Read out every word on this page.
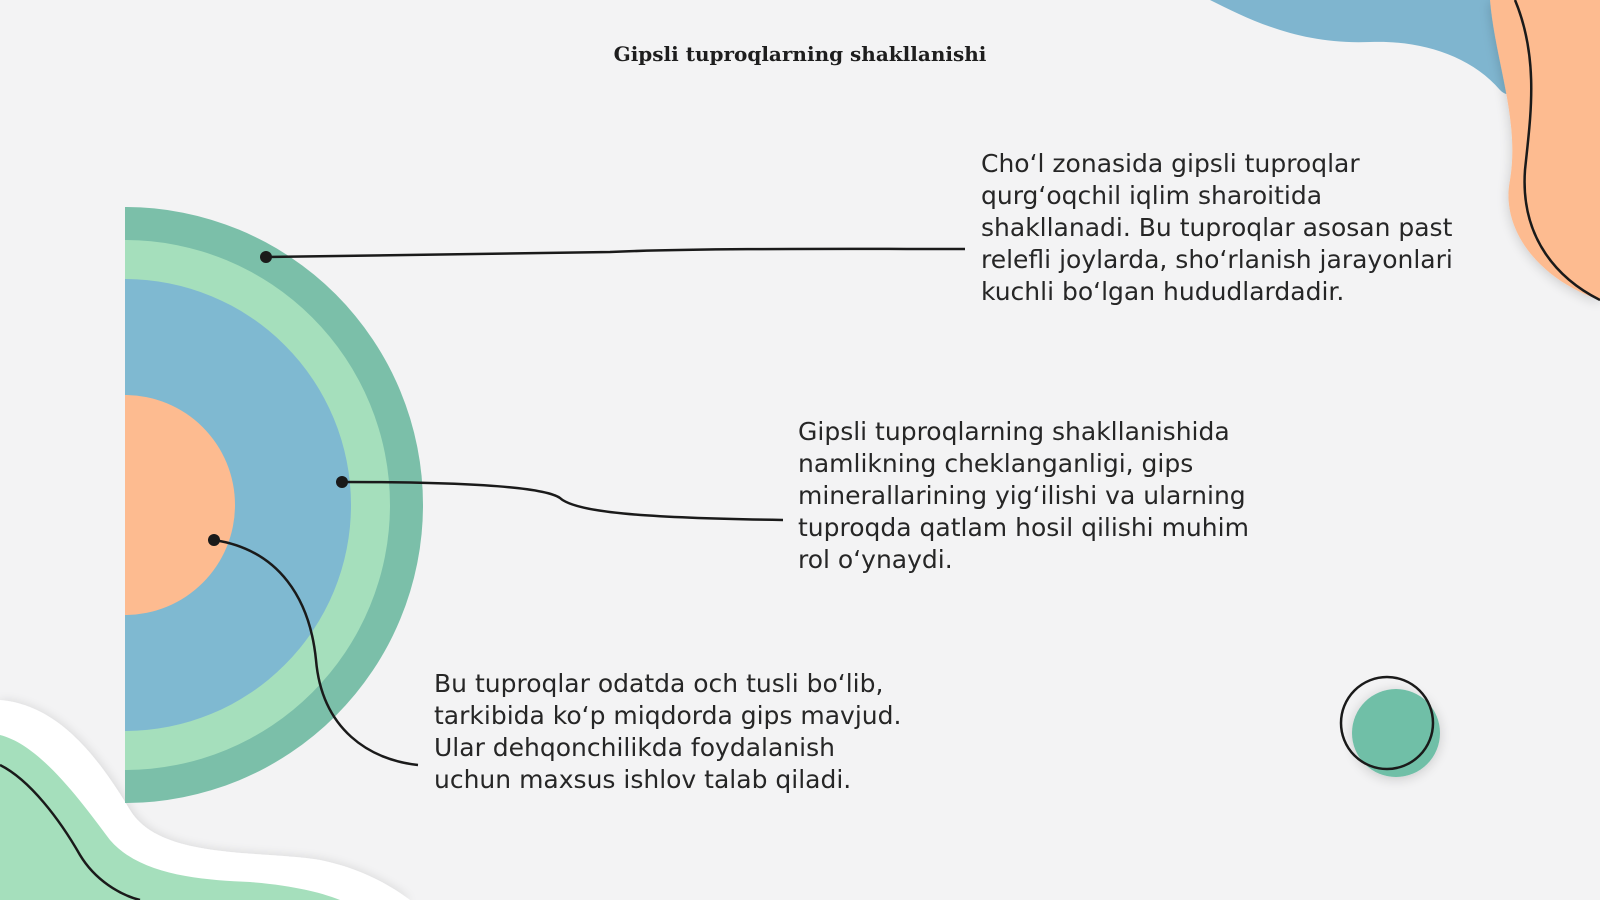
Gipsli tuproqlarning shakllanishi
Cho‘l zonasida gipsli tuproqlar
qurg‘oqchil iqlim sharoitida
shakllanadi. Bu tuproqlar asosan past
relefli joylarda, sho‘rlanish jarayonlari
kuchli bo‘lgan hududlardadir.
Gipsli tuproqlarning shakllanishida
namlikning cheklanganligi, gips
minerallarining yig‘ilishi va ularning
tuproqda qatlam hosil qilishi muhim
rol o‘ynaydi.
Bu tuproqlar odatda och tusli bo‘lib,
tarkibida ko‘p miqdorda gips mavjud.
Ular dehqonchilikda foydalanish
uchun maxsus ishlov talab qiladi.
